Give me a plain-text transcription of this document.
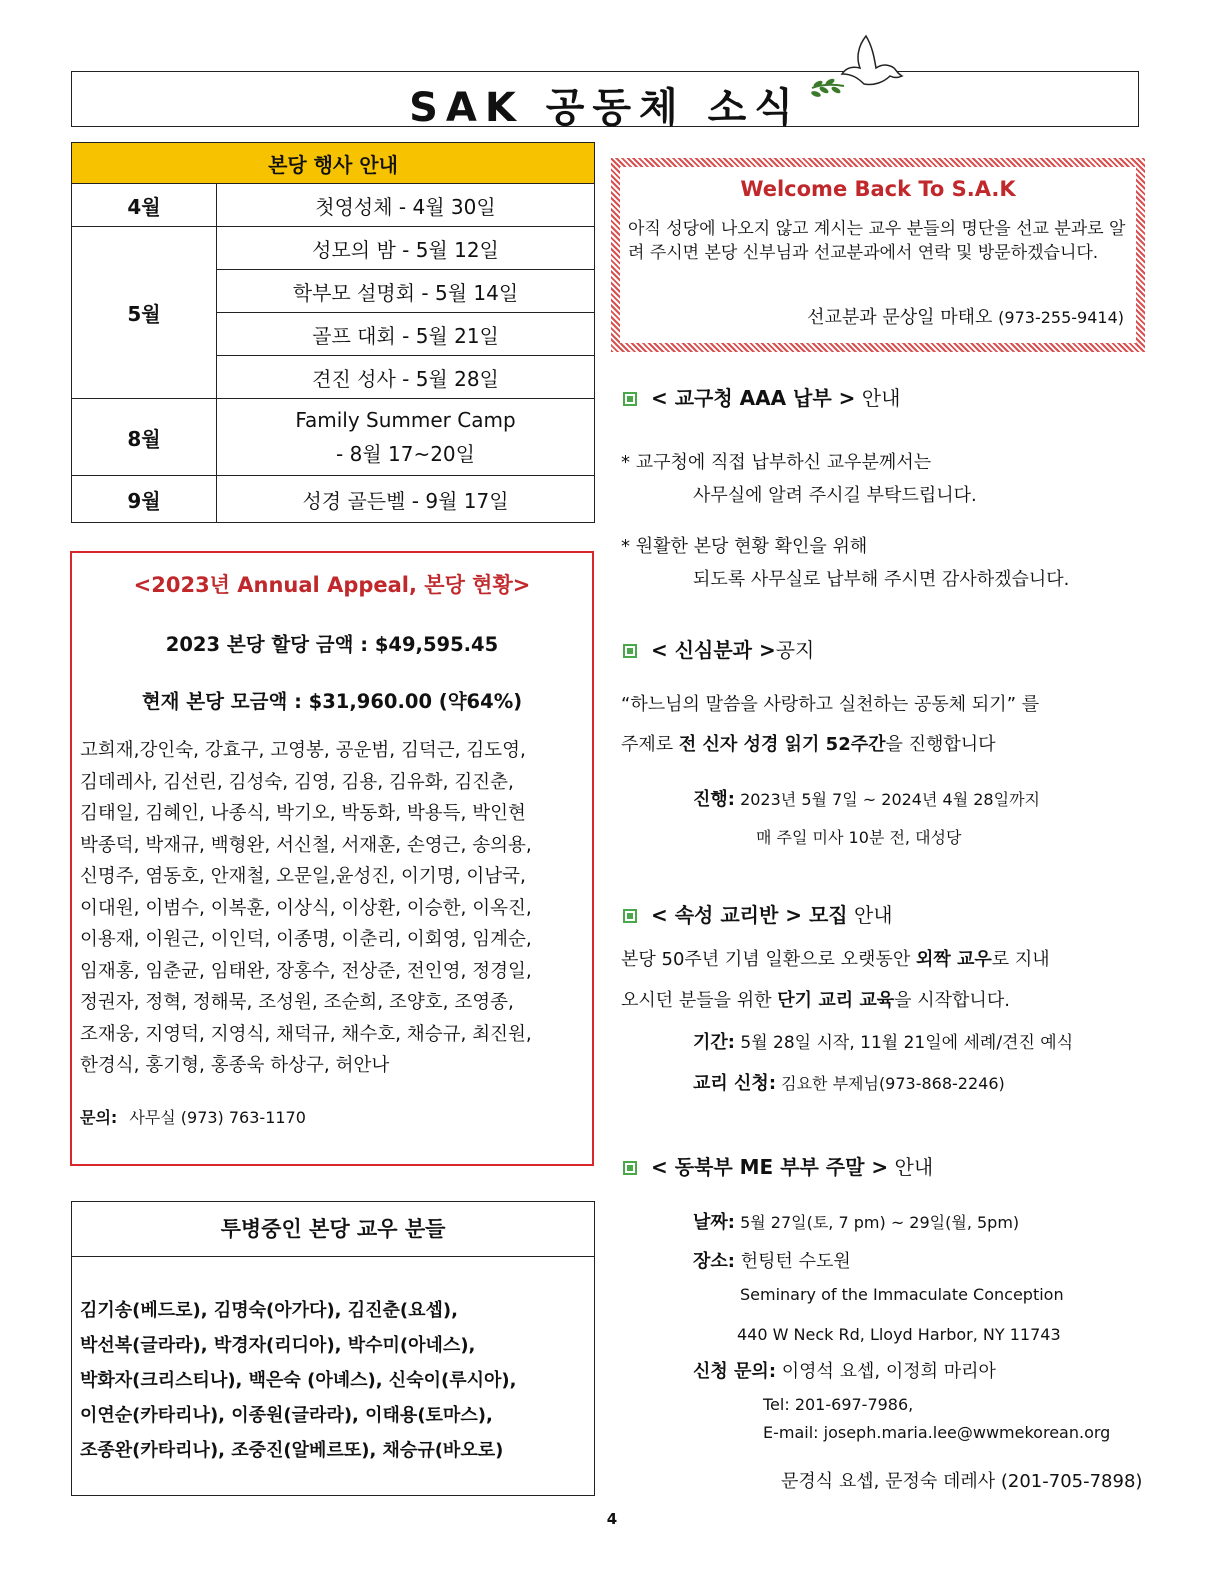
SAK 공동체 소식
본당 행사 안내	
4월	첫영성체 - 4월 30일
5월	성모의 밤 - 5월 12일
	학부모 설명회 - 5월 14일
	골프 대회 - 5월 21일
	견진 성사 - 5월 28일
8월	Family Summer Camp
- 8월 17~20일

9월	성경 골든벨 - 9월 17일
<2023년 Annual Appeal, 본당 현황>
2023 본당 할당 금액 : $49,595.45
현재 본당 모금액 : $31,960.00 (약64%)
고희재,강인숙, 강효구, 고영봉, 공운범, 김덕근, 김도영,
김데레사, 김선린, 김성숙, 김영, 김용, 김유화, 김진춘,
김태일, 김혜인, 나종식, 박기오, 박동화, 박용득, 박인현
박종덕, 박재규, 백형완, 서신철, 서재훈, 손영근, 송의용,
신명주, 염동호, 안재철, 오문일,윤성진, 이기명, 이남국,
이대원, 이범수, 이복훈, 이상식, 이상환, 이승한, 이옥진,
이용재, 이원근, 이인덕, 이종명, 이춘리, 이회영, 임계순,
임재홍, 임춘균, 임태완, 장홍수, 전상준, 전인영, 정경일,
정권자, 정혁, 정해묵, 조성원, 조순희, 조양호, 조영종,
조재웅, 지영덕, 지영식, 채덕규, 채수호, 채승규, 최진원,
한경식, 홍기형, 홍종욱 하상구, 허안나
문의: 사무실 (973) 763-1170
투병중인 본당 교우 분들
김기송(베드로), 김명숙(아가다), 김진춘(요셉),
박선복(글라라), 박경자(리디아), 박수미(아네스),
박화자(크리스티나), 백은숙 (아녜스), 신숙이(루시아),
이연순(카타리나), 이종원(글라라), 이태용(토마스),
조종완(카타리나), 조중진(알베르또), 채승규(바오로)
Welcome Back To S.A.K
아직 성당에 나오지 않고 계시는 교우 분들의 명단을 선교 분과로 알려 주시면 본당 신부님과 선교분과에서 연락 및 방문하겠습니다.
선교분과 문상일 마태오 (973-255-9414)
< 교구청 AAA 납부 > 안내
* 교구청에 직접 납부하신 교우분께서는
사무실에 알려 주시길 부탁드립니다.
* 원활한 본당 현황 확인을 위해
되도록 사무실로 납부해 주시면 감사하겠습니다.
< 신심분과 >공지
“하느님의 말씀을 사랑하고 실천하는 공동체 되기” 를
주제로 전 신자 성경 읽기 52주간을 진행합니다
진행: 2023년 5월 7일 ~ 2024년 4월 28일까지
매 주일 미사 10분 전, 대성당
< 속성 교리반 > 모집 안내
본당 50주년 기념 일환으로 오랫동안 외짝 교우로 지내
오시던 분들을 위한 단기 교리 교육을 시작합니다.
기간: 5월 28일 시작, 11월 21일에 세례/견진 예식
교리 신청: 김요한 부제님(973-868-2246)
< 동북부 ME 부부 주말 > 안내
날짜: 5월 27일(토, 7 pm) ~ 29일(월, 5pm)
장소: 헌팅턴 수도원
Seminary of the Immaculate Conception
440 W Neck Rd, Lloyd Harbor, NY 11743
신청 문의: 이영석 요셉, 이정희 마리아
Tel: 201-697-7986,
E-mail: joseph.maria.lee@wwmekorean.org
문경식 요셉, 문정숙 데레사 (201-705-7898)
4
